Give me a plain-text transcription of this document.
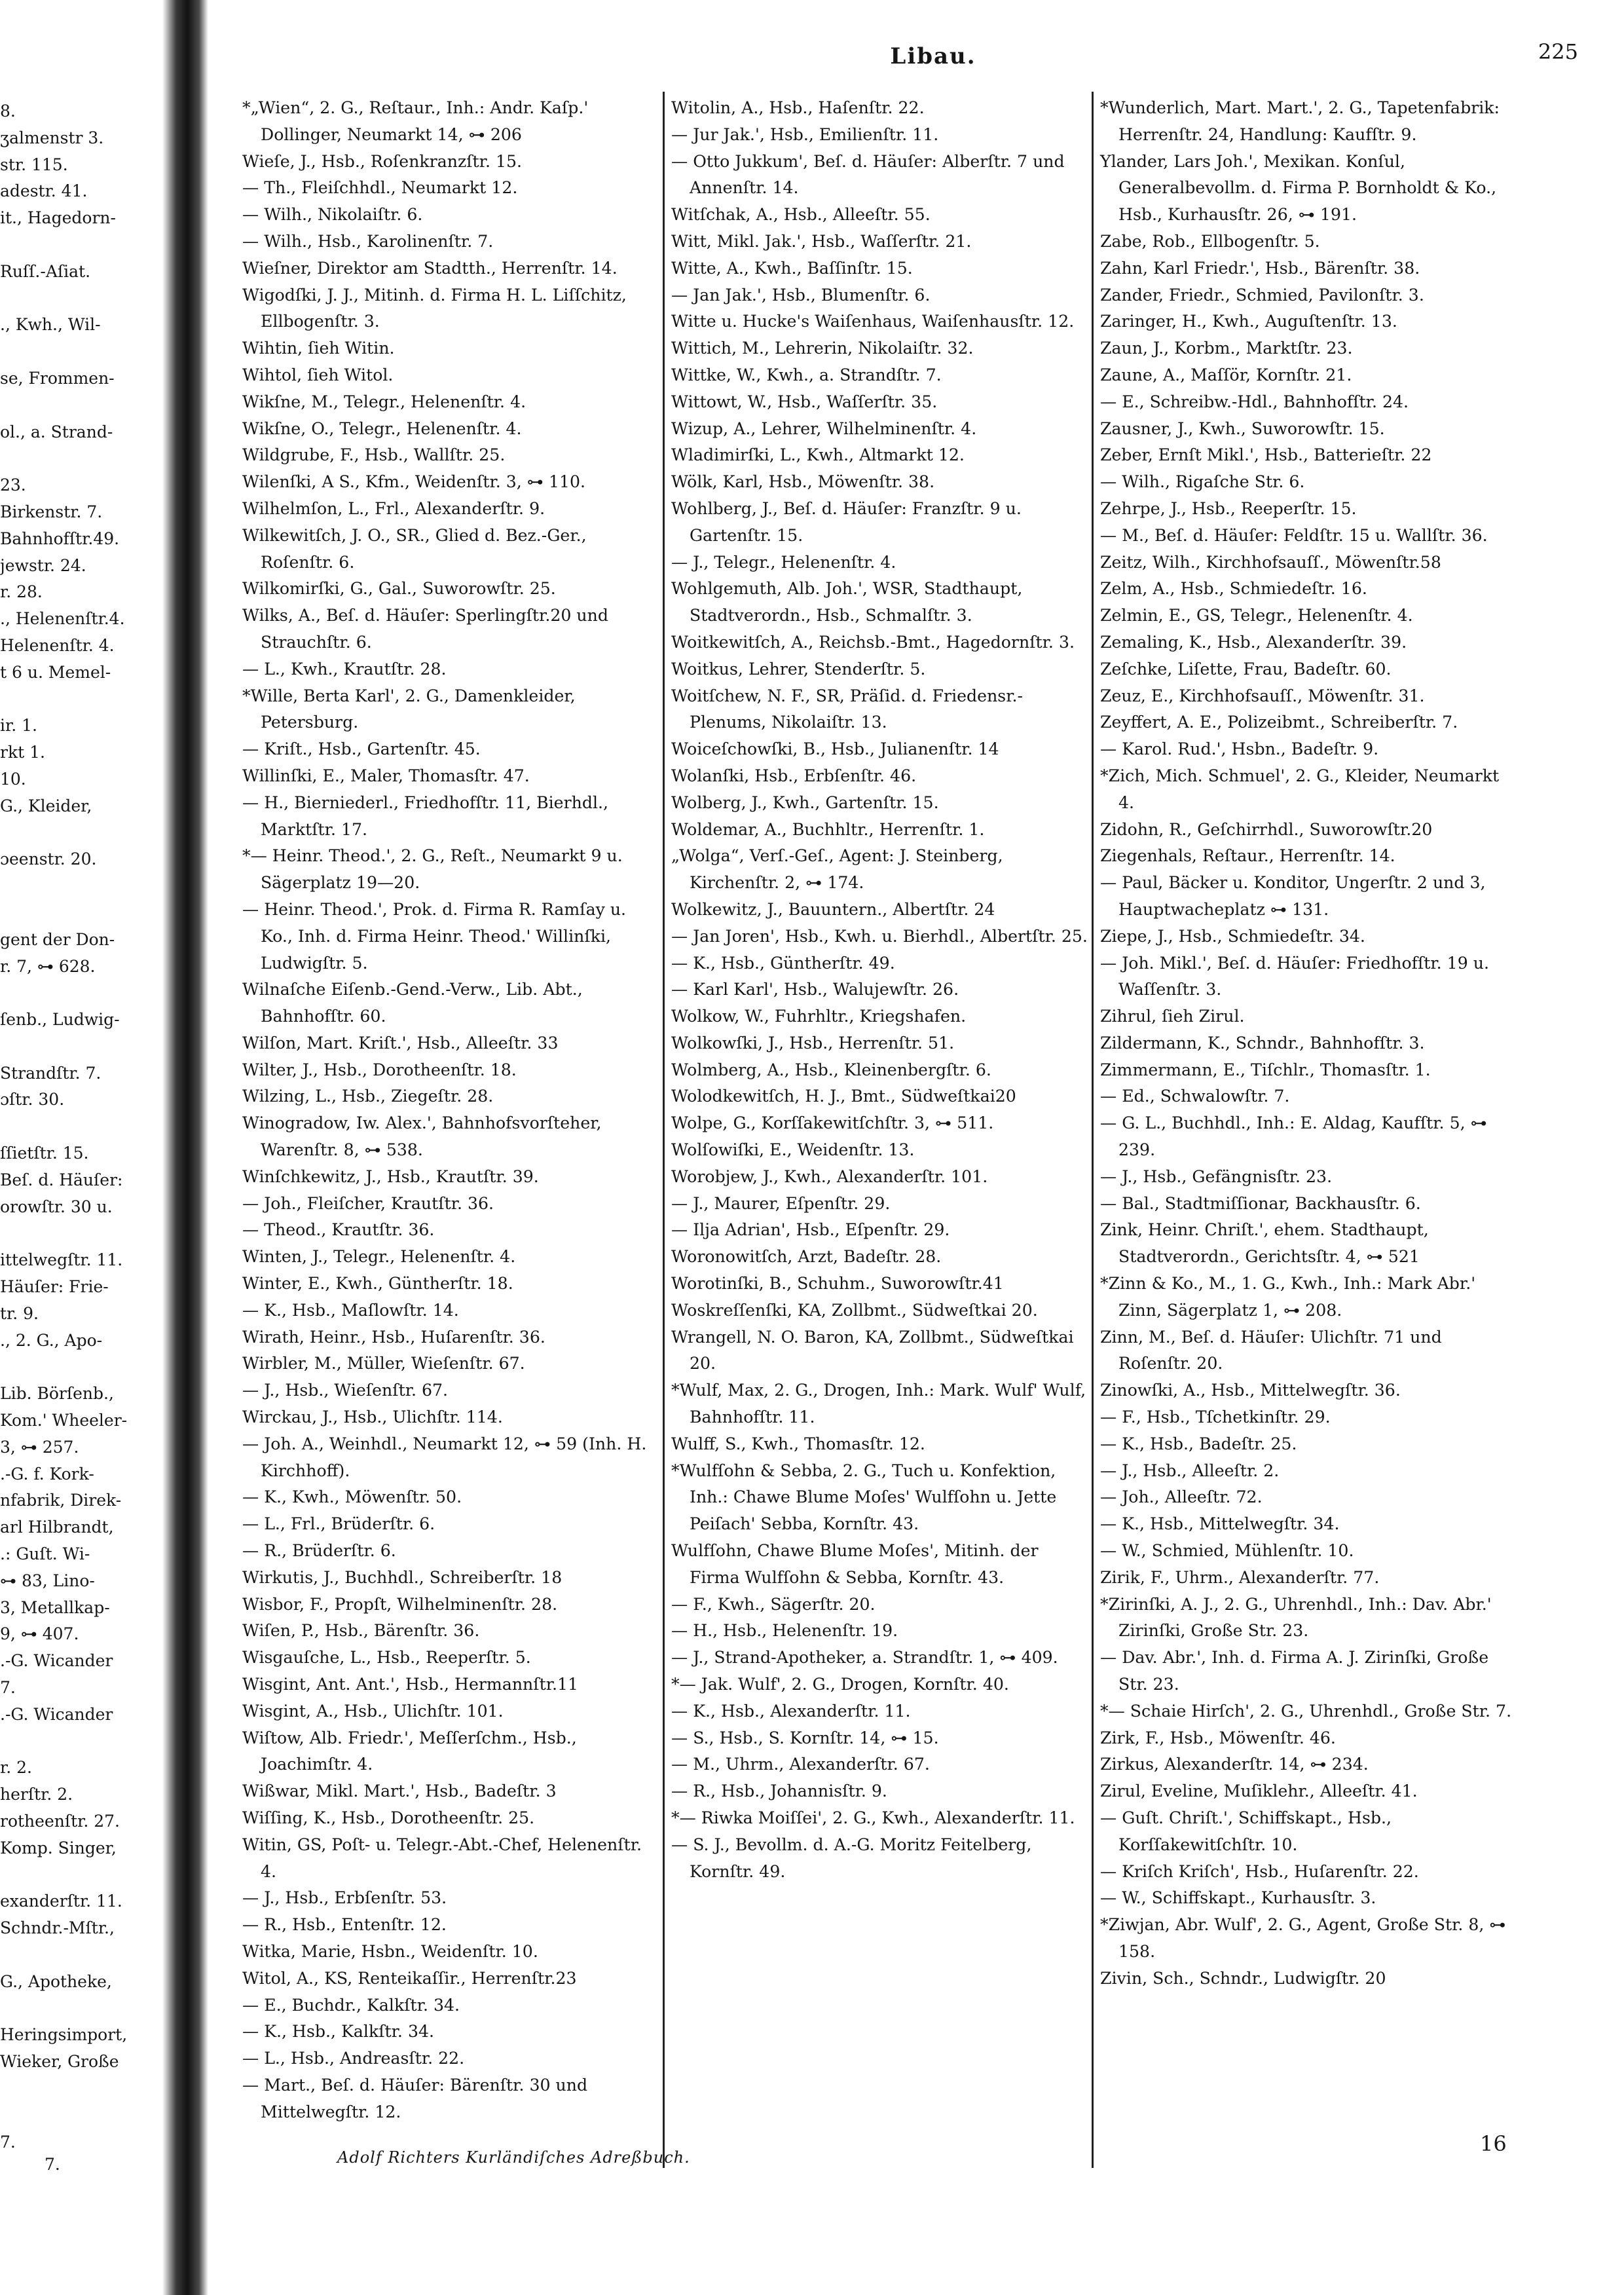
8.
ʒalmenstr 3.
str. 115.
adestr. 41.
it., Hagedorn-
Ruſſ.-Aſiat.
., Kwh., Wil-
se, Frommen-
ol., a. Strand-
23.
Birkenstr. 7.
Bahnhofſtr.49.
jewstr. 24.
r. 28.
., Helenenſtr.4.
Helenenſtr. 4.
t 6 u. Memel-
ir. 1.
rkt 1.
10.
G., Kleider,
ɔeenstr. 20.
gent der Don-
r. 7, ⊶ 628.
ſenb., Ludwig-
Strandſtr. 7.
ɔſtr. 30.
ſſietſtr. 15.
Beſ. d. Häuſer:
orowſtr. 30 u.
ittelwegſtr. 11.
Häuſer: Frie-
tr. 9.
., 2. G., Apo-
Lib. Börſenb.,
Kom.' Wheeler-
3, ⊶ 257.
.-G. f. Kork-
nfabrik, Direk-
arl Hilbrandt,
.: Guſt. Wi-
⊶ 83, Lino-
3, Metallkap-
9, ⊶ 407.
.-G. Wicander
7.
.-G. Wicander
r. 2.
herſtr. 2.
rotheenſtr. 27.
Komp. Singer,
exanderſtr. 11.
Schndr.-Mſtr.,
G., Apotheke,
Heringsimport,
Wieker, Große
7.
Libau.	225

*„Wien“, 2. G., Reſtaur., Inh.: Andr. Kaſp.' Dollinger, Neumarkt 14, ⊶ 206

Wieſe, J., Hsb., Roſenkranzſtr. 15.

— Th., Fleiſchhdl., Neumarkt 12.

— Wilh., Nikolaiſtr. 6.

— Wilh., Hsb., Karolinenſtr. 7.

Wieſner, Direktor am Stadtth., Herrenſtr. 14.

Wigodſki, J. J., Mitinh. d. Firma H. L. Liſſchitz, Ellbogenſtr. 3.

Wihtin, ſieh Witin.

Wihtol, ſieh Witol.

Wikſne, M., Telegr., Helenenſtr. 4.

Wikſne, O., Telegr., Helenenſtr. 4.

Wildgrube, F., Hsb., Wallſtr. 25.

Wilenſki, A S., Kfm., Weidenſtr. 3, ⊶ 110.

Wilhelmſon, L., Frl., Alexanderſtr. 9.

Wilkewitſch, J. O., SR., Glied d. Bez.-Ger., Roſenſtr. 6.

Wilkomirſki, G., Gal., Suworowſtr. 25.

Wilks, A., Beſ. d. Häuſer: Sperlingſtr.20 und Strauchſtr. 6.

— L., Kwh., Krautſtr. 28.

*Wille, Berta Karl', 2. G., Damenkleider, Petersburg.

— Kriſt., Hsb., Gartenſtr. 45.

Willinſki, E., Maler, Thomasſtr. 47.

— H., Bierniederl., Friedhofſtr. 11, Bierhdl., Marktſtr. 17.

*— Heinr. Theod.', 2. G., Reſt., Neumarkt 9 u. Sägerplatz 19—20.

— Heinr. Theod.', Prok. d. Firma R. Ramſay u. Ko., Inh. d. Firma Heinr. Theod.' Willinſki, Ludwigſtr. 5.

Wilnaſche Eiſenb.-Gend.-Verw., Lib. Abt., Bahnhofſtr. 60.

Wilſon, Mart. Kriſt.', Hsb., Alleeſtr. 33

Wilter, J., Hsb., Dorotheenſtr. 18.

Wilzing, L., Hsb., Ziegeſtr. 28.

Winogradow, Iw. Alex.', Bahnhofsvorſteher, Warenſtr. 8, ⊶ 538.

Winſchkewitz, J., Hsb., Krautſtr. 39.

— Joh., Fleiſcher, Krautſtr. 36.

— Theod., Krautſtr. 36.

Winten, J., Telegr., Helenenſtr. 4.

Winter, E., Kwh., Güntherſtr. 18.

— K., Hsb., Maſlowſtr. 14.

Wirath, Heinr., Hsb., Huſarenſtr. 36.

Wirbler, M., Müller, Wieſenſtr. 67.

— J., Hsb., Wieſenſtr. 67.

Wirckau, J., Hsb., Ulichſtr. 114.

— Joh. A., Weinhdl., Neumarkt 12, ⊶ 59 (Inh. H. Kirchhoff).

— K., Kwh., Möwenſtr. 50.

— L., Frl., Brüderſtr. 6.

— R., Brüderſtr. 6.

Wirkutis, J., Buchhdl., Schreiberſtr. 18

Wisbor, F., Propſt, Wilhelminenſtr. 28.

Wiſen, P., Hsb., Bärenſtr. 36.

Wisgauſche, L., Hsb., Reeperſtr. 5.

Wisgint, Ant. Ant.', Hsb., Hermannſtr.11

Wisgint, A., Hsb., Ulichſtr. 101.

Wiſtow, Alb. Friedr.', Meſſerſchm., Hsb., Joachimſtr. 4.

Wißwar, Mikl. Mart.', Hsb., Badeſtr. 3

Wiſſing, K., Hsb., Dorotheenſtr. 25.

Witin, GS, Poſt- u. Telegr.-Abt.-Chef, Helenenſtr. 4.

— J., Hsb., Erbſenſtr. 53.

— R., Hsb., Entenſtr. 12.

Witka, Marie, Hsbn., Weidenſtr. 10.

Witol, A., KS, Renteikaſſir., Herrenſtr.23

— E., Buchdr., Kalkſtr. 34.

— K., Hsb., Kalkſtr. 34.

— L., Hsb., Andreasſtr. 22.

— Mart., Beſ. d. Häuſer: Bärenſtr. 30 und Mittelwegſtr. 12.

Witolin, A., Hsb., Haſenſtr. 22.

— Jur Jak.', Hsb., Emilienſtr. 11.

— Otto Jukkum', Beſ. d. Häuſer: Alberſtr. 7 und Annenſtr. 14.

Witſchak, A., Hsb., Alleeſtr. 55.

Witt, Mikl. Jak.', Hsb., Waſſerſtr. 21.

Witte, A., Kwh., Baſſinſtr. 15.

— Jan Jak.', Hsb., Blumenſtr. 6.

Witte u. Hucke's Waiſenhaus, Waiſenhausſtr. 12.

Wittich, M., Lehrerin, Nikolaiſtr. 32.

Wittke, W., Kwh., a. Strandſtr. 7.

Wittowt, W., Hsb., Waſſerſtr. 35.

Wizup, A., Lehrer, Wilhelminenſtr. 4.

Wladimirſki, L., Kwh., Altmarkt 12.

Wölk, Karl, Hsb., Möwenſtr. 38.

Wohlberg, J., Beſ. d. Häuſer: Franzſtr. 9 u. Gartenſtr. 15.

— J., Telegr., Helenenſtr. 4.

Wohlgemuth, Alb. Joh.', WSR, Stadthaupt, Stadtverordn., Hsb., Schmalſtr. 3.

Woitkewitſch, A., Reichsb.-Bmt., Hagedornſtr. 3.

Woitkus, Lehrer, Stenderſtr. 5.

Woitſchew, N. F., SR, Präſid. d. Friedensr.-Plenums, Nikolaiſtr. 13.

Woiceſchowſki, B., Hsb., Julianenſtr. 14

Wolanſki, Hsb., Erbſenſtr. 46.

Wolberg, J., Kwh., Gartenſtr. 15.

Woldemar, A., Buchhltr., Herrenſtr. 1.

„Wolga“, Verſ.-Geſ., Agent: J. Steinberg, Kirchenſtr. 2, ⊶ 174.

Wolkewitz, J., Bauuntern., Albertſtr. 24

— Jan Joren', Hsb., Kwh. u. Bierhdl., Albertſtr. 25.

— K., Hsb., Güntherſtr. 49.

— Karl Karl', Hsb., Walujewſtr. 26.

Wolkow, W., Fuhrhltr., Kriegshafen.

Wolkowſki, J., Hsb., Herrenſtr. 51.

Wolmberg, A., Hsb., Kleinenbergſtr. 6.

Wolodkewitſch, H. J., Bmt., Südweſtkai20

Wolpe, G., Korſſakewitſchſtr. 3, ⊶ 511.

Wolſowiſki, E., Weidenſtr. 13.

Worobjew, J., Kwh., Alexanderſtr. 101.

— J., Maurer, Eſpenſtr. 29.

— Ilja Adrian', Hsb., Eſpenſtr. 29.

Woronowitſch, Arzt, Badeſtr. 28.

Worotinſki, B., Schuhm., Suworowſtr.41

Woskreſſenſki, KA, Zollbmt., Südweſtkai 20.

Wrangell, N. O. Baron, KA, Zollbmt., Südweſtkai 20.

*Wulf, Max, 2. G., Drogen, Inh.: Mark. Wulf' Wulf, Bahnhofſtr. 11.

Wulff, S., Kwh., Thomasſtr. 12.

*Wulfſohn & Sebba, 2. G., Tuch u. Konfektion, Inh.: Chawe Blume Moſes' Wulfſohn u. Jette Peiſach' Sebba, Kornſtr. 43.

Wulfſohn, Chawe Blume Moſes', Mitinh. der Firma Wulfſohn & Sebba, Kornſtr. 43.

— F., Kwh., Sägerſtr. 20.

— H., Hsb., Helenenſtr. 19.

— J., Strand-Apotheker, a. Strandſtr. 1, ⊶ 409.

*— Jak. Wulf', 2. G., Drogen, Kornſtr. 40.

— K., Hsb., Alexanderſtr. 11.

— S., Hsb., S. Kornſtr. 14, ⊶ 15.

— M., Uhrm., Alexanderſtr. 67.

— R., Hsb., Johannisſtr. 9.

*— Riwka Moiſſei', 2. G., Kwh., Alexanderſtr. 11.

— S. J., Bevollm. d. A.-G. Moritz Feitelberg, Kornſtr. 49.

*Wunderlich, Mart. Mart.', 2. G., Tapetenfabrik: Herrenſtr. 24, Handlung: Kaufſtr. 9.

Ylander, Lars Joh.', Mexikan. Konſul, Generalbevollm. d. Firma P. Bornholdt & Ko., Hsb., Kurhausſtr. 26, ⊶ 191.

Zabe, Rob., Ellbogenſtr. 5.

Zahn, Karl Friedr.', Hsb., Bärenſtr. 38.

Zander, Friedr., Schmied, Pavilonſtr. 3.

Zaringer, H., Kwh., Auguſtenſtr. 13.

Zaun, J., Korbm., Marktſtr. 23.

Zaune, A., Maſſör, Kornſtr. 21.

— E., Schreibw.-Hdl., Bahnhofſtr. 24.

Zausner, J., Kwh., Suworowſtr. 15.

Zeber, Ernſt Mikl.', Hsb., Batterieſtr. 22

— Wilh., Rigaſche Str. 6.

Zehrpe, J., Hsb., Reeperſtr. 15.

— M., Beſ. d. Häuſer: Feldſtr. 15 u. Wallſtr. 36.

Zeitz, Wilh., Kirchhofsauſſ., Möwenſtr.58

Zelm, A., Hsb., Schmiedeſtr. 16.

Zelmin, E., GS, Telegr., Helenenſtr. 4.

Zemaling, K., Hsb., Alexanderſtr. 39.

Zeſchke, Liſette, Frau, Badeſtr. 60.

Zeuz, E., Kirchhofsauſſ., Möwenſtr. 31.

Zeyffert, A. E., Polizeibmt., Schreiberſtr. 7.

— Karol. Rud.', Hsbn., Badeſtr. 9.

*Zich, Mich. Schmuel', 2. G., Kleider, Neumarkt 4.

Zidohn, R., Geſchirrhdl., Suworowſtr.20

Ziegenhals, Reſtaur., Herrenſtr. 14.

— Paul, Bäcker u. Konditor, Ungerſtr. 2 und 3, Hauptwacheplatz ⊶ 131.

Ziepe, J., Hsb., Schmiedeſtr. 34.

— Joh. Mikl.', Beſ. d. Häuſer: Friedhofſtr. 19 u. Waſſenſtr. 3.

Zihrul, ſieh Zirul.

Zildermann, K., Schndr., Bahnhofſtr. 3.

Zimmermann, E., Tiſchlr., Thomasſtr. 1.

— Ed., Schwalowſtr. 7.

— G. L., Buchhdl., Inh.: E. Aldag, Kaufſtr. 5, ⊶ 239.

— J., Hsb., Gefängnisſtr. 23.

— Bal., Stadtmiſſionar, Backhausſtr. 6.

Zink, Heinr. Chriſt.', ehem. Stadthaupt, Stadtverordn., Gerichtsſtr. 4, ⊶ 521

*Zinn & Ko., M., 1. G., Kwh., Inh.: Mark Abr.' Zinn, Sägerplatz 1, ⊶ 208.

Zinn, M., Beſ. d. Häuſer: Ulichſtr. 71 und Roſenſtr. 20.

Zinowſki, A., Hsb., Mittelwegſtr. 36.

— F., Hsb., Tſchetkinſtr. 29.

— K., Hsb., Badeſtr. 25.

— J., Hsb., Alleeſtr. 2.

— Joh., Alleeſtr. 72.

— K., Hsb., Mittelwegſtr. 34.

— W., Schmied, Mühlenſtr. 10.

Zirik, F., Uhrm., Alexanderſtr. 77.

*Zirinſki, A. J., 2. G., Uhrenhdl., Inh.: Dav. Abr.' Zirinſki, Große Str. 23.

— Dav. Abr.', Inh. d. Firma A. J. Zirinſki, Große Str. 23.

*— Schaie Hirſch', 2. G., Uhrenhdl., Große Str. 7.

Zirk, F., Hsb., Möwenſtr. 46.

Zirkus, Alexanderſtr. 14, ⊶ 234.

Zirul, Eveline, Muſiklehr., Alleeſtr. 41.

— Guſt. Chriſt.', Schiffskapt., Hsb., Korſſakewitſchſtr. 10.

— Kriſch Kriſch', Hsb., Huſarenſtr. 22.

— W., Schiffskapt., Kurhausſtr. 3.

*Ziwjan, Abr. Wulf', 2. G., Agent, Große Str. 8, ⊶ 158.

Zivin, Sch., Schndr., Ludwigſtr. 20

7.	Adolf Richters Kurländiſches Adreßbuch.
16
